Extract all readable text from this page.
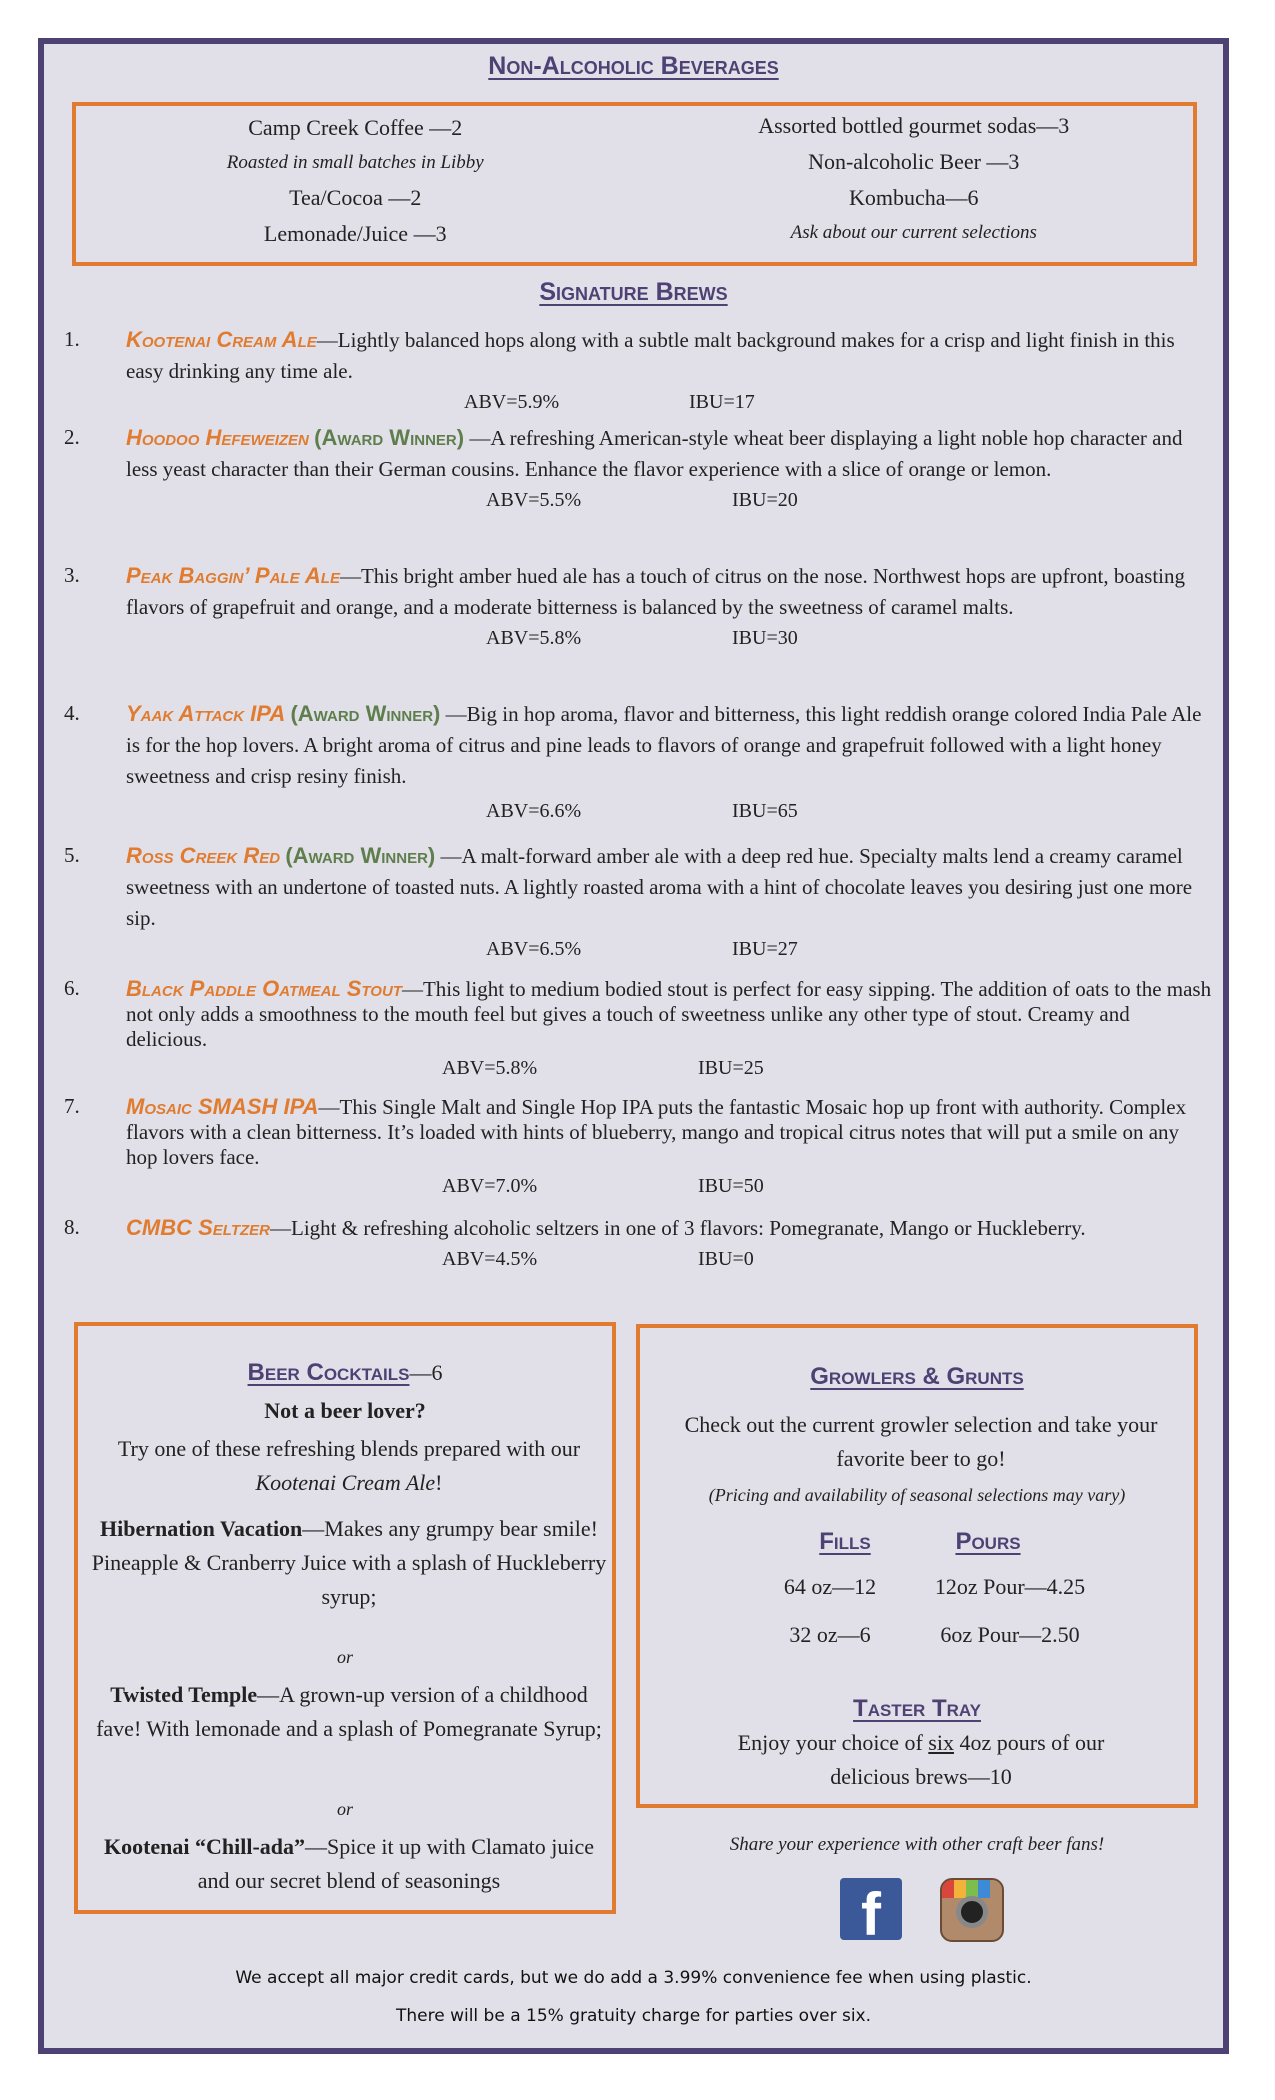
Non-Alcoholic Beverages
Camp Creek Coffee —2
Roasted in small batches in Libby
Tea/Cocoa —2
Lemonade/Juice —3
Assorted bottled gourmet sodas—3
Non-alcoholic Beer —3
Kombucha—6
Ask about our current selections
Signature Brews
1.	Kootenai Cream Ale—Lightly balanced hops along with a subtle malt background makes for a crisp and light finish in this easy drinking any time ale.
ABV=5.9%	IBU=17
2.	Hoodoo Hefeweizen (Award Winner) —A refreshing American-style wheat beer displaying a light noble hop character and less yeast character than their German cousins. Enhance the flavor experience with a slice of orange or lemon.
ABV=5.5%	IBU=20
3.	Peak Baggin’ Pale Ale—This bright amber hued ale has a touch of citrus on the nose. Northwest hops are upfront, boasting flavors of grapefruit and orange, and a moderate bitterness is balanced by the sweetness of caramel malts.
ABV=5.8%	IBU=30
4.	Yaak Attack IPA (Award Winner) —Big in hop aroma, flavor and bitterness, this light reddish orange colored India Pale Ale is for the hop lovers. A bright aroma of citrus and pine leads to flavors of orange and grapefruit followed with a light honey sweetness and crisp resiny finish.
ABV=6.6%	IBU=65
5.	Ross Creek Red (Award Winner) —A malt-forward amber ale with a deep red hue. Specialty malts lend a creamy caramel sweetness with an undertone of toasted nuts. A lightly roasted aroma with a hint of chocolate leaves you desiring just one more sip.
ABV=6.5%	IBU=27
6.	Black Paddle Oatmeal Stout—This light to medium bodied stout is perfect for easy sipping. The addition of oats to the mash not only adds a smoothness to the mouth feel but gives a touch of sweetness unlike any other type of stout. Creamy and delicious.
ABV=5.8%	IBU=25
7.	Mosaic SMASH IPA—This Single Malt and Single Hop IPA puts the fantastic Mosaic hop up front with authority. Complex flavors with a clean bitterness. It’s loaded with hints of blueberry, mango and tropical citrus notes that will put a smile on any hop lovers face.
ABV=7.0%	IBU=50
8.	CMBC Seltzer—Light & refreshing alcoholic seltzers in one of 3 flavors: Pomegranate, Mango or Huckleberry.
ABV=4.5%	IBU=0
Beer Cocktails—6
Not a beer lover?
Try one of these refreshing blends prepared with our Kootenai Cream Ale!
Hibernation Vacation—Makes any grumpy bear smile! Pineapple & Cranberry Juice with a splash of Huckleberry syrup;
or
Twisted Temple—A grown-up version of a childhood fave! With lemonade and a splash of Pomegranate Syrup;
or
Kootenai “Chill-ada”—Spice it up with Clamato juice and our secret blend of seasonings
Growlers & Grunts
Check out the current growler selection and take your favorite beer to go!
(Pricing and availability of seasonal selections may vary)
Fills	Pours
64 oz—12	12oz Pour—4.25
32 oz—6	6oz Pour—2.50
Taster Tray
Enjoy your choice of six 4oz pours of our delicious brews—10
Share your experience with other craft beer fans!
f
We accept all major credit cards, but we do add a 3.99% convenience fee when using plastic.
There will be a 15% gratuity charge for parties over six.
